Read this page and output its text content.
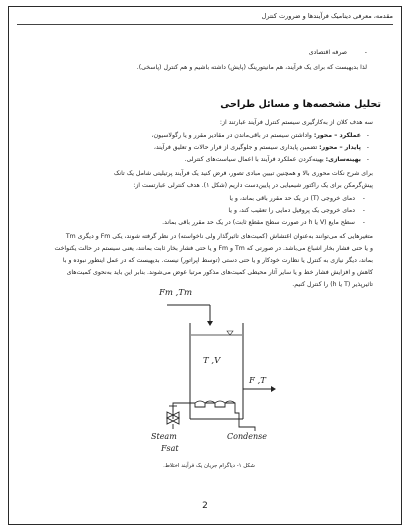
مقدمه، معرفی دینامیک فرآیندها و ضرورت کنترل
صرفه اقتصادی	-
لذا بدیهیست که برای یک فرآیند، هم مانیتورینگ (پایش) داشته باشیم و هم کنترل (پاسخی).
تحلیل مشخصه‌ها و مسائل طراحی
سه هدف کلان از به‌کارگیری سیستم کنترل فرآیند عبارتند از:
عملکرد – محور: واداشتن سیستم در باقی‌ماندن در مقادیر مقرر و یا رگولاسیون،	-
پایدار – محور: تضمین پایداری سیستم و جلوگیری از فرار حالات و تعلیق فرآیند،	-
بهینه‌سازی: بهینه‌کردن عملکرد فرآیند با اعمال سیاست‌های کنترلی.	-
برای شرح نکات محوری بالا و همچنین تبیین مبادی تصور، فرض کنید یک فرآیند پرتیلیتی شامل یک تانک
پیش‌گرمکن برای یک راکتور شیمیایی در پایین‌دست داریم (شکل ۱). هدف کنترلی عبارتست از:
دمای خروجی (T) در یک حد مقرر باقی بماند، و یا -
دمای خروجی یک پروفیل دمایی را تعقیب کند، و یا -
سطح مایع (V یا h در صورت سطح مقطع ثابت) در یک حد مقرر باقی بماند. -
متغیرهایی که می‌توانند به‌عنوان اغتشاش (کمیت‌های تاثیرگذار ولی ناخواسته) در نظر گرفته شوند، یکی Fm و دیگری Tm
و یا حتی فشار بخار اشباع می‌باشد. در صورتی که Tm و Fm و یا حتی فشار بخار ثابت بمانند، یعنی سیستم در حالت یکنواخت
بماند، دیگر نیازی به کنترل یا نظارت خودکار و یا حتی دستی (توسط اپراتور) نیست. بدیهیست که در عمل اینطور نبوده و با
کاهش و افزایش فشار خط و یا سایر آثار محیطی کمیت‌های مذکور مرتبا عوض می‌شوند. بنابر این باید به‌نحوی کمیت‌های
تاثیرپذیر (T یا h) را کنترل کنیم.
Fm ,Tm
T ,V
F ,T
Steam
Fsat
Condense
شکل ۱- دیاگرام جریان یک فرآیند اختلاط.
2
